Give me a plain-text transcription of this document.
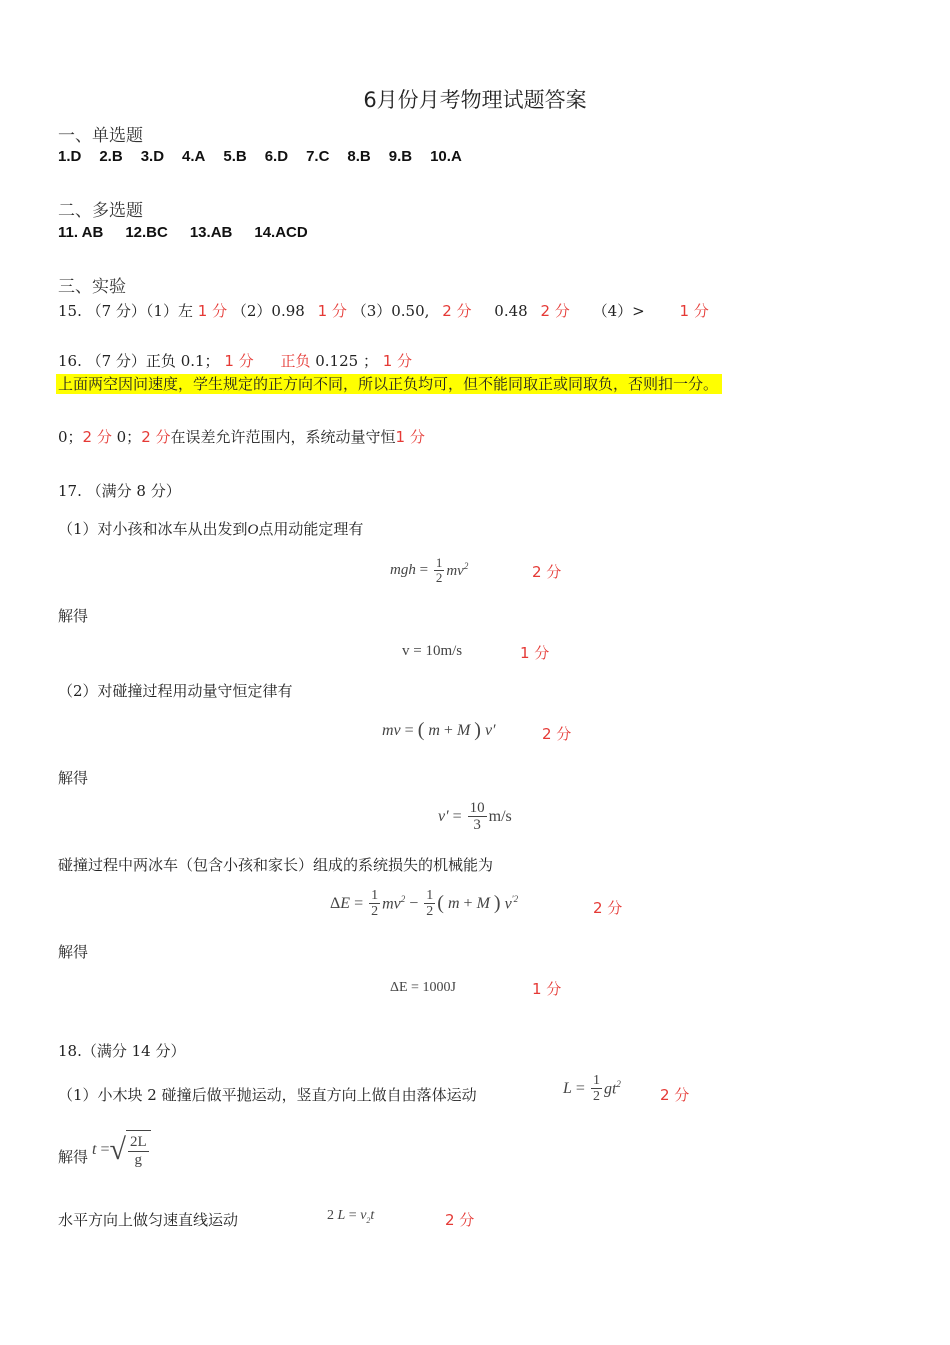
6月份月考物理试题答案
一、单选题
1.D 2.B 3.D 4.A 5.B 6.D 7.C 8.B 9.B 10.A
二、多选题
11. AB 12.BC 13.AB 14.ACD
三、实验
15. （7 分）（1）左 1 分 （2）0.98 1 分 （3）0.50, 2 分 0.48 2 分 （4）> 1 分
16. （7 分）正负 0.1； 1 分 正负 0.125 ； 1 分
上面两空因问速度，学生规定的正方向不同，所以正负均可，但不能同取正或同取负，否则扣一分。
0；2 分 0；2 分在误差允许范围内，系统动量守恒1 分
17. （满分 8 分）
（1）对小孩和冰车从出发到O点用动能定理有
mgh = $\frac{1}{2} mv^2$	2 分
解得
v = 10m/s	1 分
（2）对碰撞过程用动量守恒定律有
mv = ( m + M ) v′	2 分
解得
$v' = \frac{10}{3} m/s$
碰撞过程中两冰车（包含小孩和家长）组成的系统损失的机械能为
Δ $E = \frac{1}{2} mv^2 - \frac{1}{2}$ ( m + M ) $v^{'2}$
2 分
解得
ΔE = 1000J	1 分
18.（满分 14 分）
（1）小木块 2 碰撞后做平抛运动，竖直方向上做自由落体运动	$L = \frac{1}{2} gt^2$
2 分
解得 t = √ $\frac{2L}{g}$
水平方向上做匀速直线运动	2
$L = v_2t$	2 分
